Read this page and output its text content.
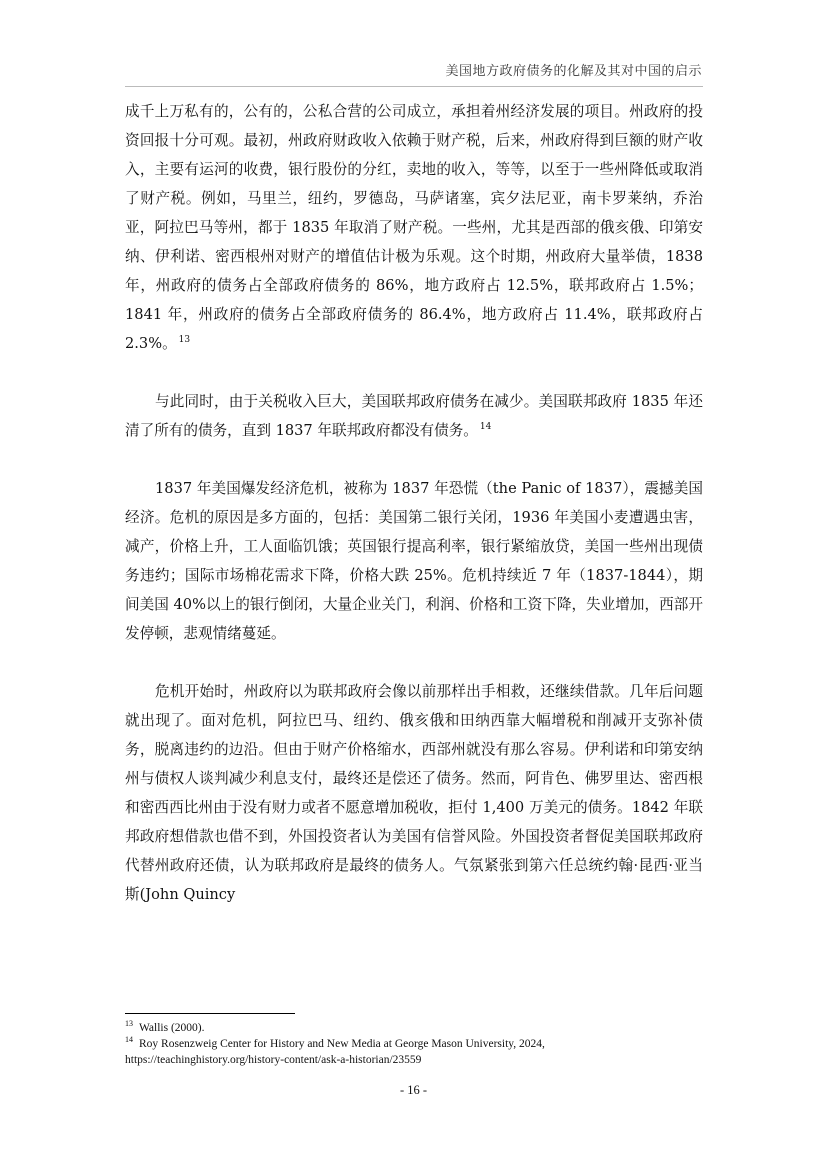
美国地方政府债务的化解及其对中国的启示

成千上万私有的，公有的，公私合营的公司成立，承担着州经济发展的项目。州政府的投资回报十分可观。最初，州政府财政收入依赖于财产税，后来，州政府得到巨额的财产收入，主要有运河的收费，银行股份的分红，卖地的收入，等等，以至于一些州降低或取消了财产税。例如，马里兰，纽约，罗德岛，马萨诸塞，宾夕法尼亚，南卡罗莱纳，乔治亚，阿拉巴马等州，都于 1835 年取消了财产税。一些州，尤其是西部的俄亥俄、印第安纳、伊利诺、密西根州对财产的增值估计极为乐观。这个时期，州政府大量举债，1838 年，州政府的债务占全部政府债务的 86%，地方政府占 12.5%，联邦政府占 1.5%；1841 年，州政府的债务占全部政府债务的 86.4%，地方政府占 11.4%，联邦政府占 2.3%。 $^{13}$

与此同时，由于关税收入巨大，美国联邦政府债务在减少。美国联邦政府 1835 年还清了所有的债务，直到 1837 年联邦政府都没有债务。 $^{14}$

1837 年美国爆发经济危机，被称为 1837 年恐慌（the Panic of 1837），震撼美国经济。危机的原因是多方面的，包括：美国第二银行关闭，1936 年美国小麦遭遇虫害，减产，价格上升，工人面临饥饿；英国银行提高利率，银行紧缩放贷，美国一些州出现债务违约；国际市场棉花需求下降，价格大跌 25%。危机持续近 7 年（1837-1844），期间美国 40%以上的银行倒闭，大量企业关门，利润、价格和工资下降，失业增加，西部开发停顿，悲观情绪蔓延。

危机开始时，州政府以为联邦政府会像以前那样出手相救，还继续借款。几年后问题就出现了。面对危机，阿拉巴马、纽约、俄亥俄和田纳西靠大幅增税和削减开支弥补债务，脱离违约的边沿。但由于财产价格缩水，西部州就没有那么容易。伊利诺和印第安纳州与债权人谈判减少利息支付，最终还是偿还了债务。然而，阿肯色、佛罗里达、密西根和密西西比州由于没有财力或者不愿意增加税收，拒付 1,400 万美元的债务。1842 年联邦政府想借款也借不到，外国投资者认为美国有信誉风险。外国投资者督促美国联邦政府代替州政府还债，认为联邦政府是最终的债务人。气氛紧张到第六任总统约翰·昆西·亚当斯(John Quincy

$^{13}$ Wallis (2000).

$^{14}$ Roy Rosenzweig Center for History and New Media at George Mason University, 2024,

https://teachinghistory.org/history-content/ask-a-historian/23559

- 16 -
